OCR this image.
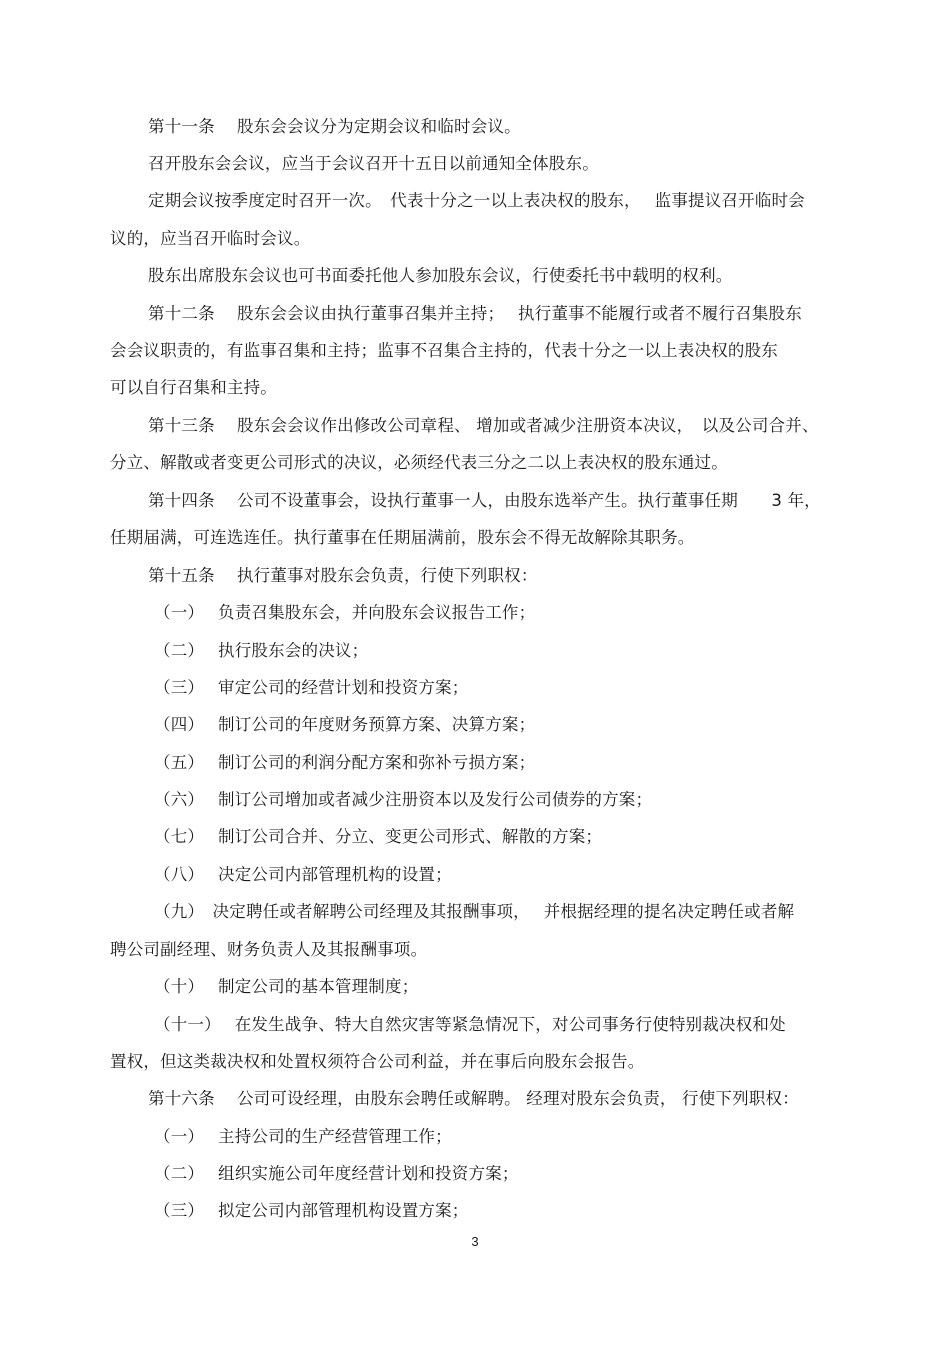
第十一条　 股东会会议分为定期会议和临时会议。
召开股东会会议，应当于会议召开十五日以前通知全体股东。
定期会议按季度定时召开一次。　代表十分之一以上表决权的股东，　 监事提议召开临时会
议的，应当召开临时会议。
股东出席股东会议也可书面委托他人参加股东会议，行使委托书中载明的权利。
第十二条　 股东会会议由执行董事召集并主持；　 执行董事不能履行或者不履行召集股东
会会议职责的，有监事召集和主持；监事不召集合主持的，代表十分之一以上表决权的股东
可以自行召集和主持。
第十三条　 股东会会议作出修改公司章程、 增加或者减少注册资本决议，　以及公司合并、
分立、解散或者变更公司形式的决议，必须经代表三分之二以上表决权的股东通过。
第十四条　 公司不设董事会，设执行董事一人，由股东选举产生。执行董事任期　　3 年，
任期届满，可连选连任。执行董事在任期届满前，股东会不得无故解除其职务。
第十五条　 执行董事对股东会负责，行使下列职权：
（一）　 负责召集股东会，并向股东会议报告工作；
（二）　 执行股东会的决议；
（三）　 审定公司的经营计划和投资方案；
（四）　 制订公司的年度财务预算方案、决算方案；
（五）　 制订公司的利润分配方案和弥补亏损方案；
（六）　 制订公司增加或者减少注册资本以及发行公司债券的方案；
（七）　 制订公司合并、分立、变更公司形式、解散的方案；
（八）　 决定公司内部管理机构的设置；
（九）　决定聘任或者解聘公司经理及其报酬事项，　 并根据经理的提名决定聘任或者解
聘公司副经理、财务负责人及其报酬事项。
（十）　 制定公司的基本管理制度；
（十一）　 在发生战争、特大自然灾害等紧急情况下，对公司事务行使特别裁决权和处
置权，但这类裁决权和处置权须符合公司利益，并在事后向股东会报告。
第十六条　 公司可设经理，由股东会聘任或解聘。 经理对股东会负责， 行使下列职权：
（一）　 主持公司的生产经营管理工作；
（二）　 组织实施公司年度经营计划和投资方案；
（三）　 拟定公司内部管理机构设置方案；
3
